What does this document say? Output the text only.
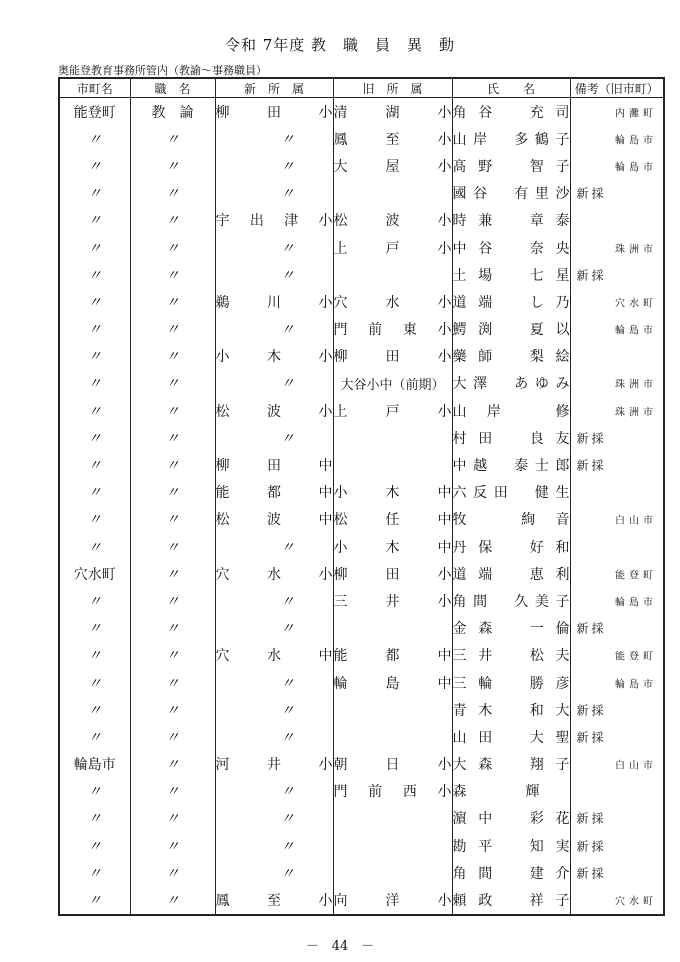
令和 7年度 教　職　員　異　動
奥能登教育事務所管内（教諭～事務職員）
市町名	職　名	新　所　属	旧　所　属	氏　　名	備考（旧市町）
能登町	教　論	柳田小	清湖小	角谷　充司	内灘町

〃	〃	〃	鳳至小	山岸　多鶴子	輪島市

〃	〃	〃	大屋小	髙野　智子	輪島市

〃	〃	〃		國谷　有里沙	新採

〃	〃	宇出津小	松波小	時兼　章泰	

〃	〃	〃	上戸小	中谷　奈央	珠洲市

〃	〃	〃		土場　七星	新採

〃	〃	鵜川小	穴水小	道端　し乃	穴水町

〃	〃	〃	門前東小	鰐渕　夏以	輪島市

〃	〃	小木小	柳田小	藥師　梨絵	

〃	〃	〃	大谷小中（前期）	大澤　あゆみ	珠洲市

〃	〃	松波小	上戸小	山岸　修	珠洲市

〃	〃	〃		村田　良友	新採

〃	〃	柳田中		中越　泰士郎	新採

〃	〃	能都中	小木中	六反田　健生	

〃	〃	松波中	松任中	牧　絢音	白山市

〃	〃	〃	小木中	丹保　好和	

穴水町	〃	穴水小	柳田小	道端　恵利	能登町

〃	〃	〃	三井小	角間　久美子	輪島市

〃	〃	〃		金森　一倫	新採

〃	〃	穴水中	能都中	三井　松夫	能登町

〃	〃	〃	輪島中	三輪　勝彦	輪島市

〃	〃	〃		青木　和大	新採

〃	〃	〃		山田　大聖	新採

輪島市	〃	河井小	朝日小	大森　翔子	白山市

〃	〃	〃	門前西小	森　輝	

〃	〃	〃		濵中　彩花	新採

〃	〃	〃		勘平　知実	新採

〃	〃	〃		角間　建介	新採

〃	〃	鳳至小	向洋小	頼政　祥子	穴水町
－　44　－
